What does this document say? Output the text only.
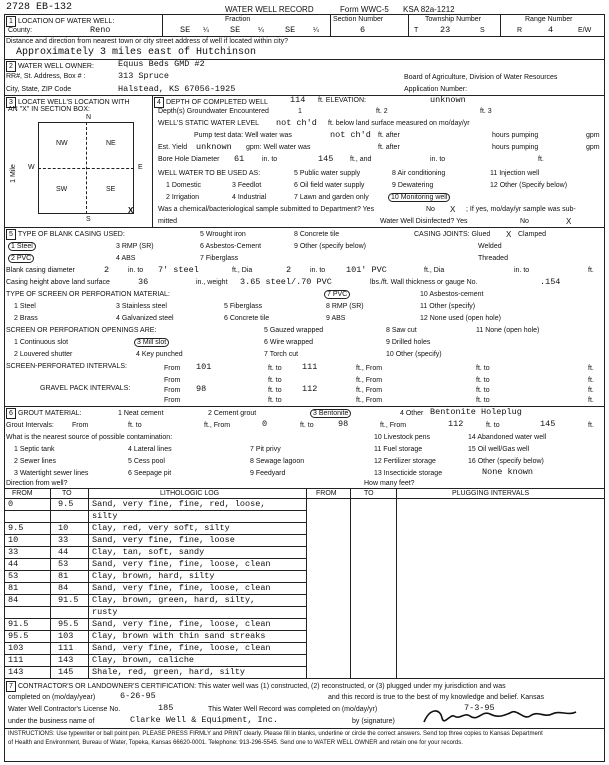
2728 EB-132	WATER WELL RECORD	Form WWC-5 KSA 82a-1212
1 LOCATION OF WATER WELL:
County:	Reno
Fraction
SE ¼ SE	¼ SE	¼
Section Number
6
Township Number
T	23	S
Range Number
R	4	E/W
Distance and direction from nearest town or city street address of well if located within city?
Approximately 3 miles east of Hutchinson
2 WATER WELL OWNER:	Equus Beds GMD #2
RR#, St. Address, Box # :	313 Spruce	Board of Agriculture, Division of Water Resources
City, State, ZIP Code	Halstead, KS 67056-1925	Application Number:
3 LOCATE WELL'S LOCATION WITH
AN "X" IN SECTION BOX:
N
S
W	E
1 Mile
NW	NE
SW	SE
X
4 DEPTH OF COMPLETED WELL	114 ft. ELEVATION:	unknown
Depth(s) Groundwater Encountered	1	ft. 2	ft. 3
WELL'S STATIC WATER LEVEL not ch'd ft. below land surface measured on mo/day/yr
Pump test data: Well water was	not ch'd ft. after	hours pumping	gpm
Est. Yield unknown gpm: Well water was	ft. after	hours pumping	gpm
Bore Hole Diameter 61	in. to	145 ft., and	in. to	ft.
WELL WATER TO BE USED AS:	5 Public water supply	8 Air conditioning	11 Injection well
1 Domestic	3 Feedlot	6 Oil field water supply	9 Dewatering	12 Other (Specify below)
2 Irrigation	4 Industrial	7 Lawn and garden only	10 Monitoring well
Was a chemical/bacteriological sample submitted to Department? Yes	No X ; If yes, mo/day/yr sample was sub-
mitted	Water Well Disinfected? Yes	No	X
5 TYPE OF BLANK CASING USED:	5 Wrought iron	8 Concrete tile	CASING JOINTS: Glued X Clamped
1 Steel	3 RMP (SR)	6 Asbestos-Cement	9 Other (specify below)	Welded
2 PVC	4 ABS	7 Fiberglass	Threaded
Blank casing diameter	2	in. to 7' steel	ft., Dia	2	in. to 101' PVC	ft., Dia	in. to	ft.
Casing height above land surface	36	in., weight 3.65 steel/.70 PVC	lbs./ft. Wall thickness or gauge No.	.154
TYPE OF SCREEN OR PERFORATION MATERIAL:	7 PVC	10 Asbestos-cement
1 Steel	3 Stainless steel	5 Fiberglass	8 RMP (SR)	11 Other (specify)
2 Brass	4 Galvanized steel	6 Concrete tile	9 ABS	12 None used (open hole)
SCREEN OR PERFORATION OPENINGS ARE:	5 Gauzed wrapped	8 Saw cut	11 None (open hole)
1 Continuous slot	3 Mill slot	6 Wire wrapped	9 Drilled holes
2 Louvered shutter	4 Key punched	7 Torch cut	10 Other (specify)
SCREEN-PERFORATED INTERVALS:	From 101	ft. to 111	ft., From	ft. to	ft.
From	ft. to	ft., From	ft. to	ft.
GRAVEL PACK INTERVALS:	From 98	ft. to 112	ft., From	ft. to	ft.
From	ft. to	ft., From	ft. to	ft.
6 GROUT MATERIAL:	1 Neat cement	2 Cement grout	3 Bentonite	4 Other Bentonite Holeplug
Grout Intervals:	From	ft. to	ft., From	0	ft. to	98	ft., From	112	ft. to	145	ft.
What is the nearest source of possible contamination:	10 Livestock pens	14 Abandoned water well
1 Septic tank	4 Lateral lines	7 Pit privy	11 Fuel storage	15 Oil well/Gas well
2 Sewer lines	5 Cess pool	8 Sewage lagoon	12 Fertilizer storage	16 Other (specify below)
3 Watertight sewer lines	6 Seepage pit	9 Feedyard	13 Insecticide storage	None known
Direction from well?	How many feet?
FROM	TO	LITHOLOGIC LOG	FROM	TO	PLUGGING INTERVALS
0	9.5 Sand, very fine, fine, red, loose,
silty
9.5	10	Clay, red, very soft, silty
10	33	Sand, very fine, fine, loose
33	44	Clay, tan, soft, sandy
44	53	Sand, very fine, fine, loose, clean
53	81	Clay, brown, hard, silty
81	84	Sand, very fine, fine, loose, clean
84	91.5 Clay, brown, green, hard, silty,
rusty
91.5	95.5 Sand, very fine, fine, loose, clean
95.5	103 Clay, brown with thin sand streaks
103	111 Sand, very fine, fine, loose, clean
111	143 Clay, brown, caliche
143	145 Shale, red, green, hard, silty
7 CONTRACTOR'S OR LANDOWNER'S CERTIFICATION: This water well was (1) constructed, (2) reconstructed, or (3) plugged under my jurisdiction and was
completed on (mo/day/year)	6-26-95	and this record is true to the best of my knowledge and belief. Kansas
Water Well Contractor's License No.	185	This Water Well Record was completed on (mo/day/yr)	7-3-95
under the business name of	Clarke Well & Equipment, Inc.	by (signature)
INSTRUCTIONS: Use typewriter or ball point pen. PLEASE PRESS FIRMLY and PRINT clearly. Please fill in blanks, underline or circle the correct answers. Send top three copies to Kansas Department
of Health and Environment, Bureau of Water, Topeka, Kansas 66620-0001. Telephone: 913-296-5545. Send one to WATER WELL OWNER and retain one for your records.
